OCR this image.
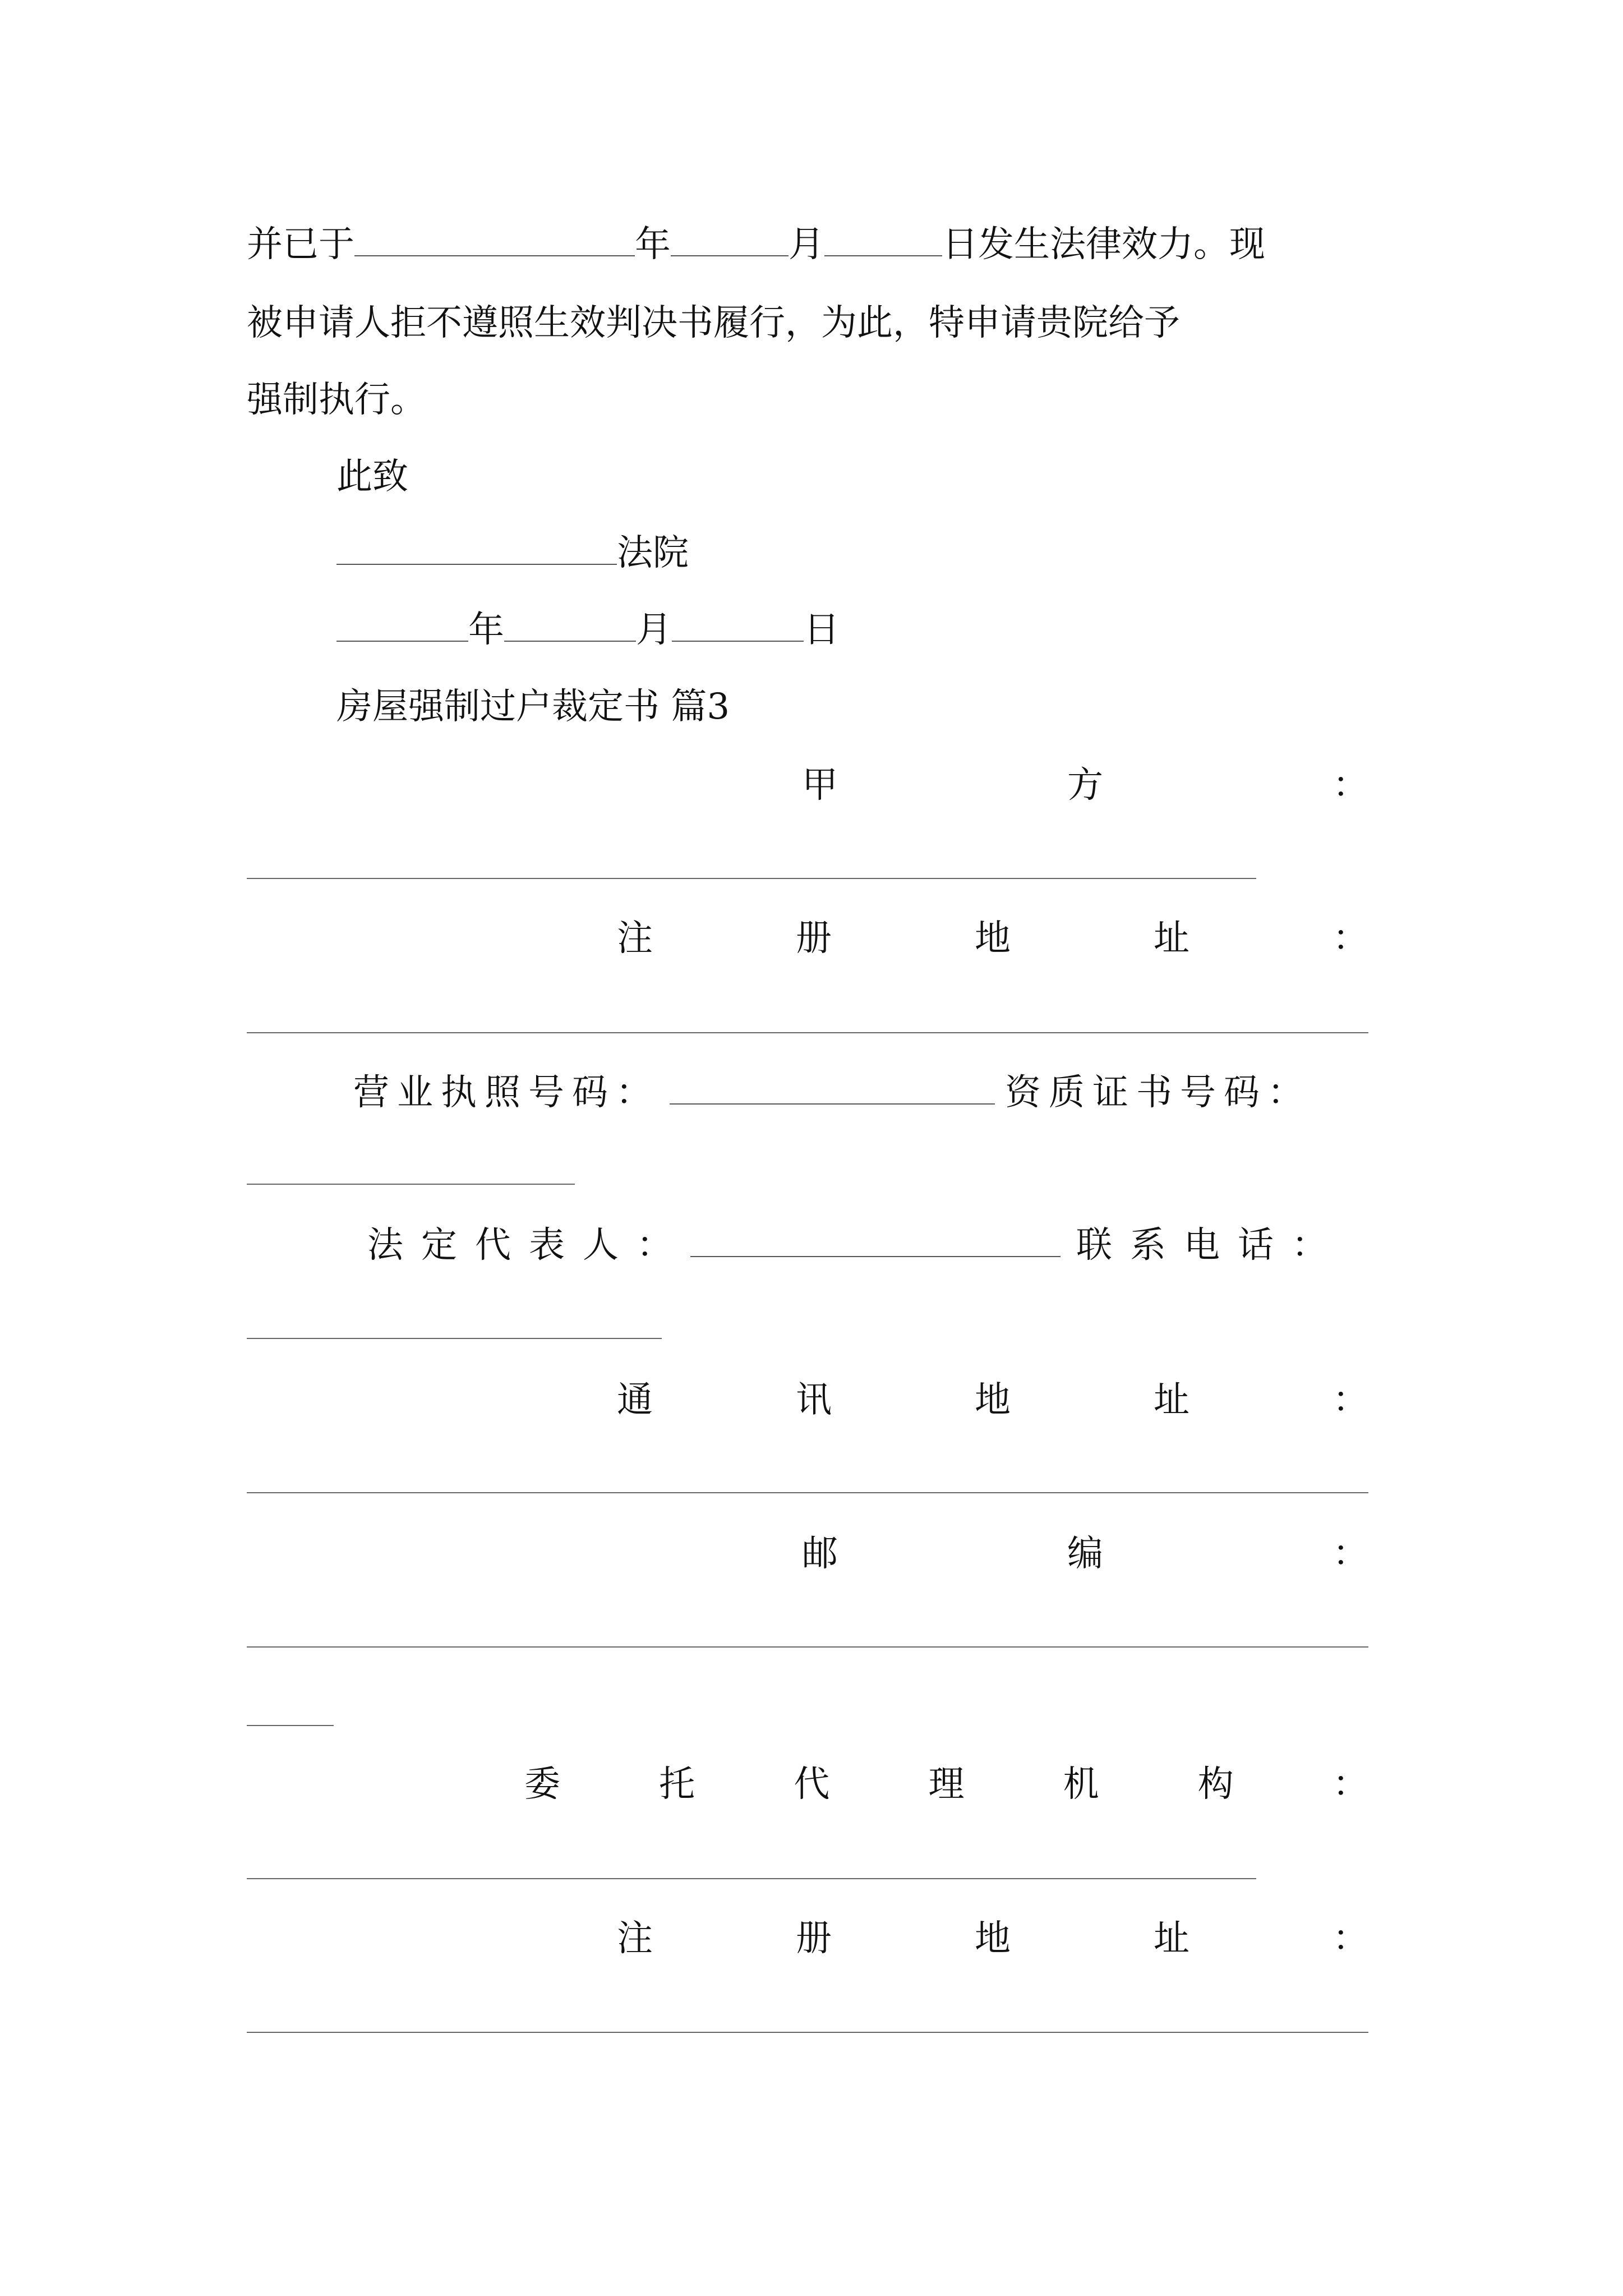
并已于	年	月	日发生法律效力。现
被申请人拒不遵照生效判决书履行，为此，特申请贵院给予
强制执行。
此致
法院
年	月	日
房屋强制过户裁定书 篇3
甲	方	：
注	册	地	址	：
营业执照号码：	资质证书号码：
法定代表人：	联系电话：
通	讯	地	址	：
邮	编	：
委	托	代	理	机	构	：
注	册	地	址	：
